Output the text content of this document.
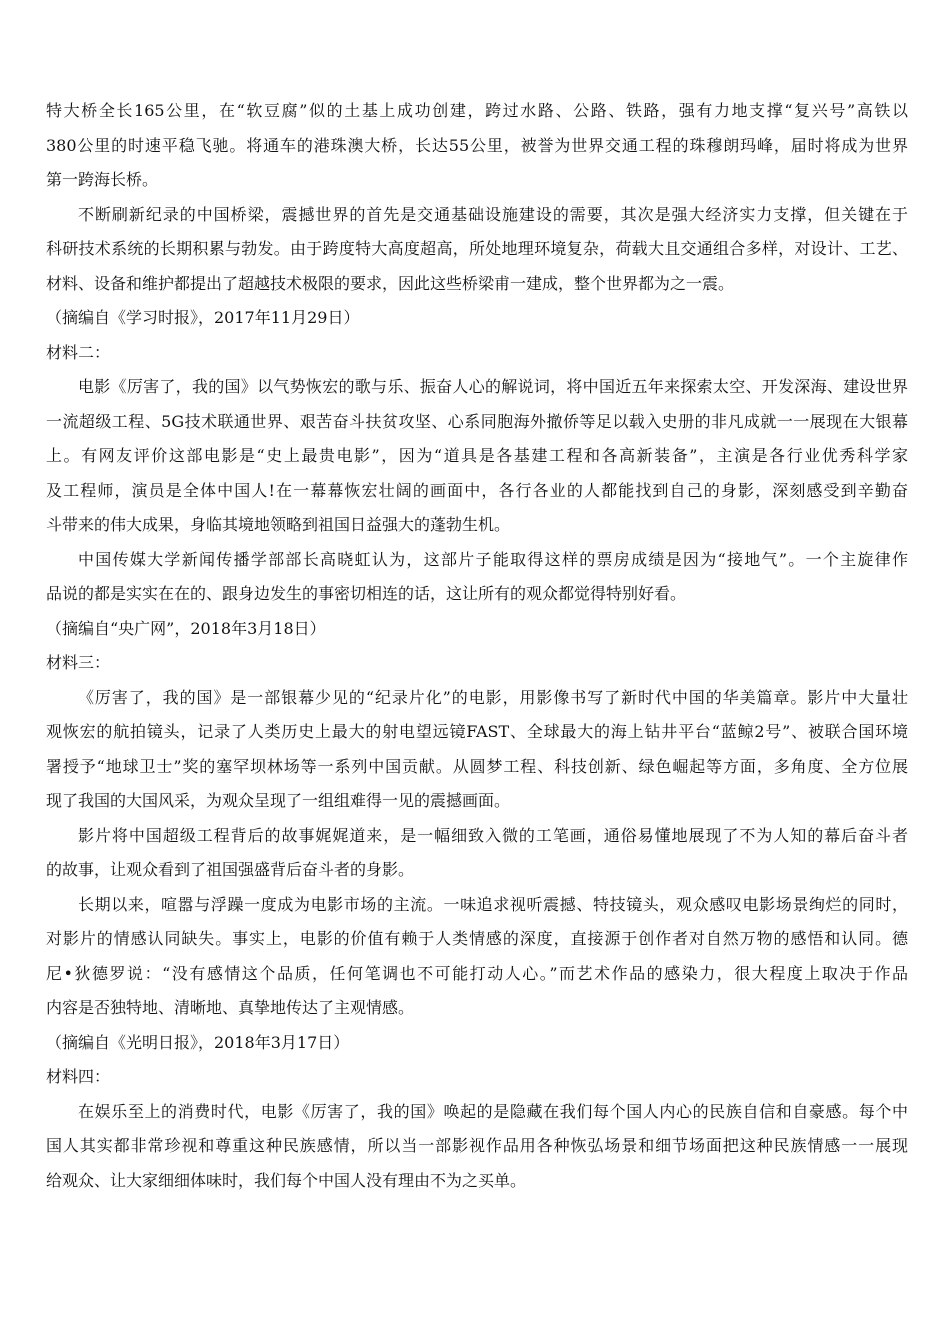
特大桥全长165公里，在“软豆腐”似的土基上成功创建，跨过水路、公路、铁路，强有力地支撑“复兴号”高铁以
380公里的时速平稳飞驰。将通车的港珠澳大桥，长达55公里，被誉为世界交通工程的珠穆朗玛峰，届时将成为世界
第一跨海长桥。
不断刷新纪录的中国桥梁，震撼世界的首先是交通基础设施建设的需要，其次是强大经济实力支撑，但关键在于
科研技术系统的长期积累与勃发。由于跨度特大高度超高，所处地理环境复杂，荷载大且交通组合多样，对设计、工艺、
材料、设备和维护都提出了超越技术极限的要求，因此这些桥梁甫一建成，整个世界都为之一震。
（摘编自《学习时报》，2017年11月29日）
材料二：
电影《厉害了，我的国》以气势恢宏的歌与乐、振奋人心的解说词，将中国近五年来探索太空、开发深海、建设世界
一流超级工程、5G技术联通世界、艰苦奋斗扶贫攻坚、心系同胞海外撤侨等足以载入史册的非凡成就一一展现在大银幕
上。有网友评价这部电影是“史上最贵电影”，因为“道具是各基建工程和各高新装备”，主演是各行业优秀科学家
及工程师，演员是全体中国人!在一幕幕恢宏壮阔的画面中，各行各业的人都能找到自己的身影，深刻感受到辛勤奋
斗带来的伟大成果，身临其境地领略到祖国日益强大的蓬勃生机。
中国传媒大学新闻传播学部部长高晓虹认为，这部片子能取得这样的票房成绩是因为“接地气”。一个主旋律作
品说的都是实实在在的、跟身边发生的事密切相连的话，这让所有的观众都觉得特别好看。
（摘编自“央广网”，2018年3月18日）
材料三：
《厉害了，我的国》是一部银幕少见的“纪录片化”的电影，用影像书写了新时代中国的华美篇章。影片中大量壮
观恢宏的航拍镜头，记录了人类历史上最大的射电望远镜FAST、全球最大的海上钻井平台“蓝鲸2号”、被联合国环境
署授予“地球卫士”奖的塞罕坝林场等一系列中国贡献。从圆梦工程、科技创新、绿色崛起等方面，多角度、全方位展
现了我国的大国风采，为观众呈现了一组组难得一见的震撼画面。
影片将中国超级工程背后的故事娓娓道来，是一幅细致入微的工笔画，通俗易懂地展现了不为人知的幕后奋斗者
的故事，让观众看到了祖国强盛背后奋斗者的身影。
长期以来，喧嚣与浮躁一度成为电影市场的主流。一味追求视听震撼、特技镜头，观众感叹电影场景绚烂的同时，
对影片的情感认同缺失。事实上，电影的价值有赖于人类情感的深度，直接源于创作者对自然万物的感悟和认同。德
尼•狄德罗说：“没有感情这个品质，任何笔调也不可能打动人心。”而艺术作品的感染力，很大程度上取决于作品
内容是否独特地、清晰地、真挚地传达了主观情感。
（摘编自《光明日报》，2018年3月17日）
材料四：
在娱乐至上的消费时代，电影《厉害了，我的国》唤起的是隐藏在我们每个国人内心的民族自信和自豪感。每个中
国人其实都非常珍视和尊重这种民族感情，所以当一部影视作品用各种恢弘场景和细节场面把这种民族情感一一展现
给观众、让大家细细体味时，我们每个中国人没有理由不为之买单。
